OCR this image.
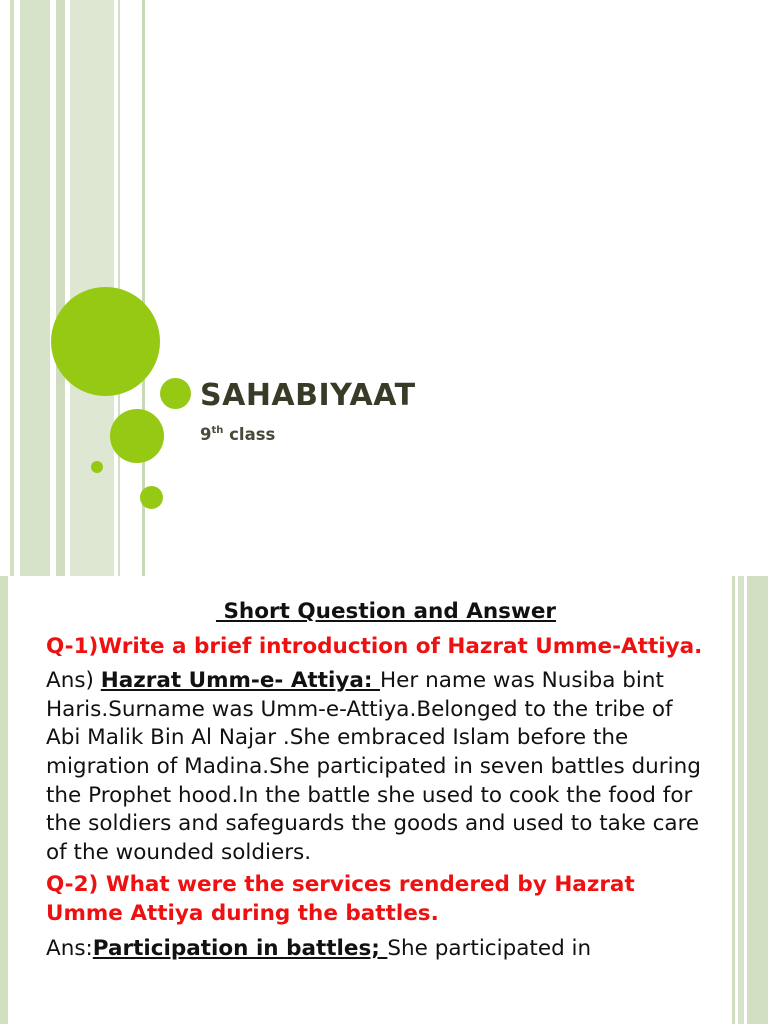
SAHABIYAAT
9th class
Short Question and Answer
Q-1)Write a brief introduction of Hazrat Umme-Attiya.
Ans) Hazrat Umm-e- Attiya: Her name was Nusiba bint Haris.Surname was Umm-e-Attiya.Belonged to the tribe of Abi Malik Bin Al Najar .She embraced Islam before the migration of Madina.She participated in seven battles during the Prophet hood.In the battle she used to cook the food for the soldiers and safeguards the goods and used to take care of the wounded soldiers.
Q-2) What were the services rendered by Hazrat Umme Attiya during the battles.
Ans:Participation in battles; She participated in
